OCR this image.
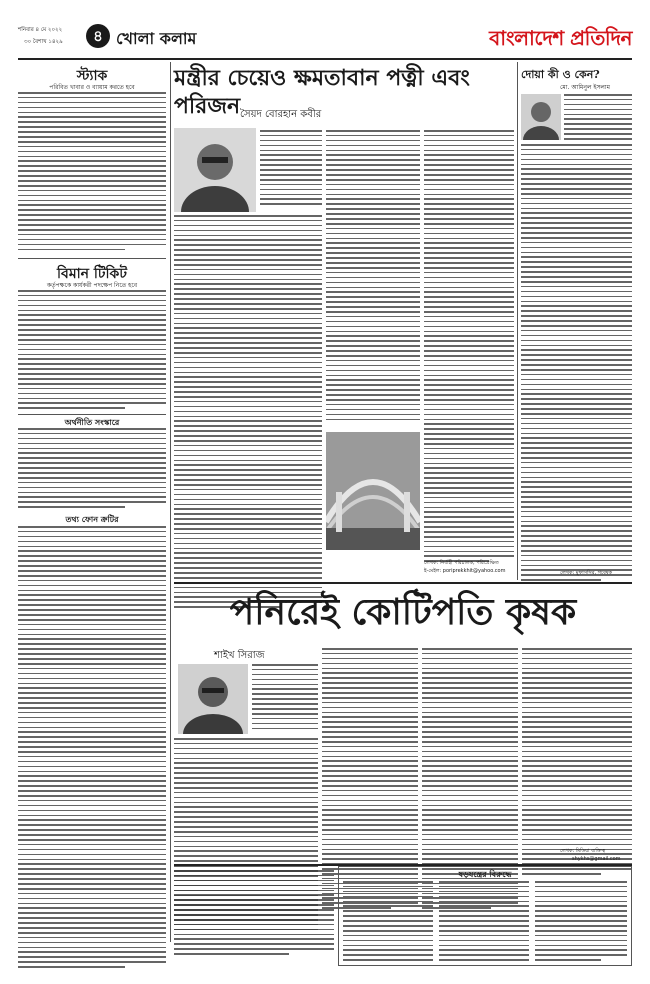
শনিবার ৪ মে ২০২২
৩০ বৈশাখ ১৪২৯	৪ খোলা কলাম	বাংলাদেশ প্রতিদিন
স্ট্যাক
পরিবিত খাবার ও ব্যায়াম করতে হবে
বিমান টিকিট
কর্তৃপক্ষকে কার্যকরী পদক্ষেপ নিতে হবে
অর্থনীতি সংস্কারে
তথ্য ফোন ক্রটির
মন্ত্রীর চেয়েও ক্ষমতাবান পত্নী এবং পরিজন সৈয়দ বোরহান কবীর
লেখক: নির্বাহী পরিচালক, পরিপ্রেক্ষিত
ই-মেইল: poriprekkhit@yahoo.com
দোয়া কী ও কেন?
মো. আমিনুল ইসলাম
লেখক: মুফাসসির, গবেষক
পনিরেই কোটিপতি কৃষক
শাইখ সিরাজ
লেখক: মিডিয়া ব্যক্তিত্ব
shykhs@gmail.com
ষড়যন্ত্রের বিরুদ্ধে
